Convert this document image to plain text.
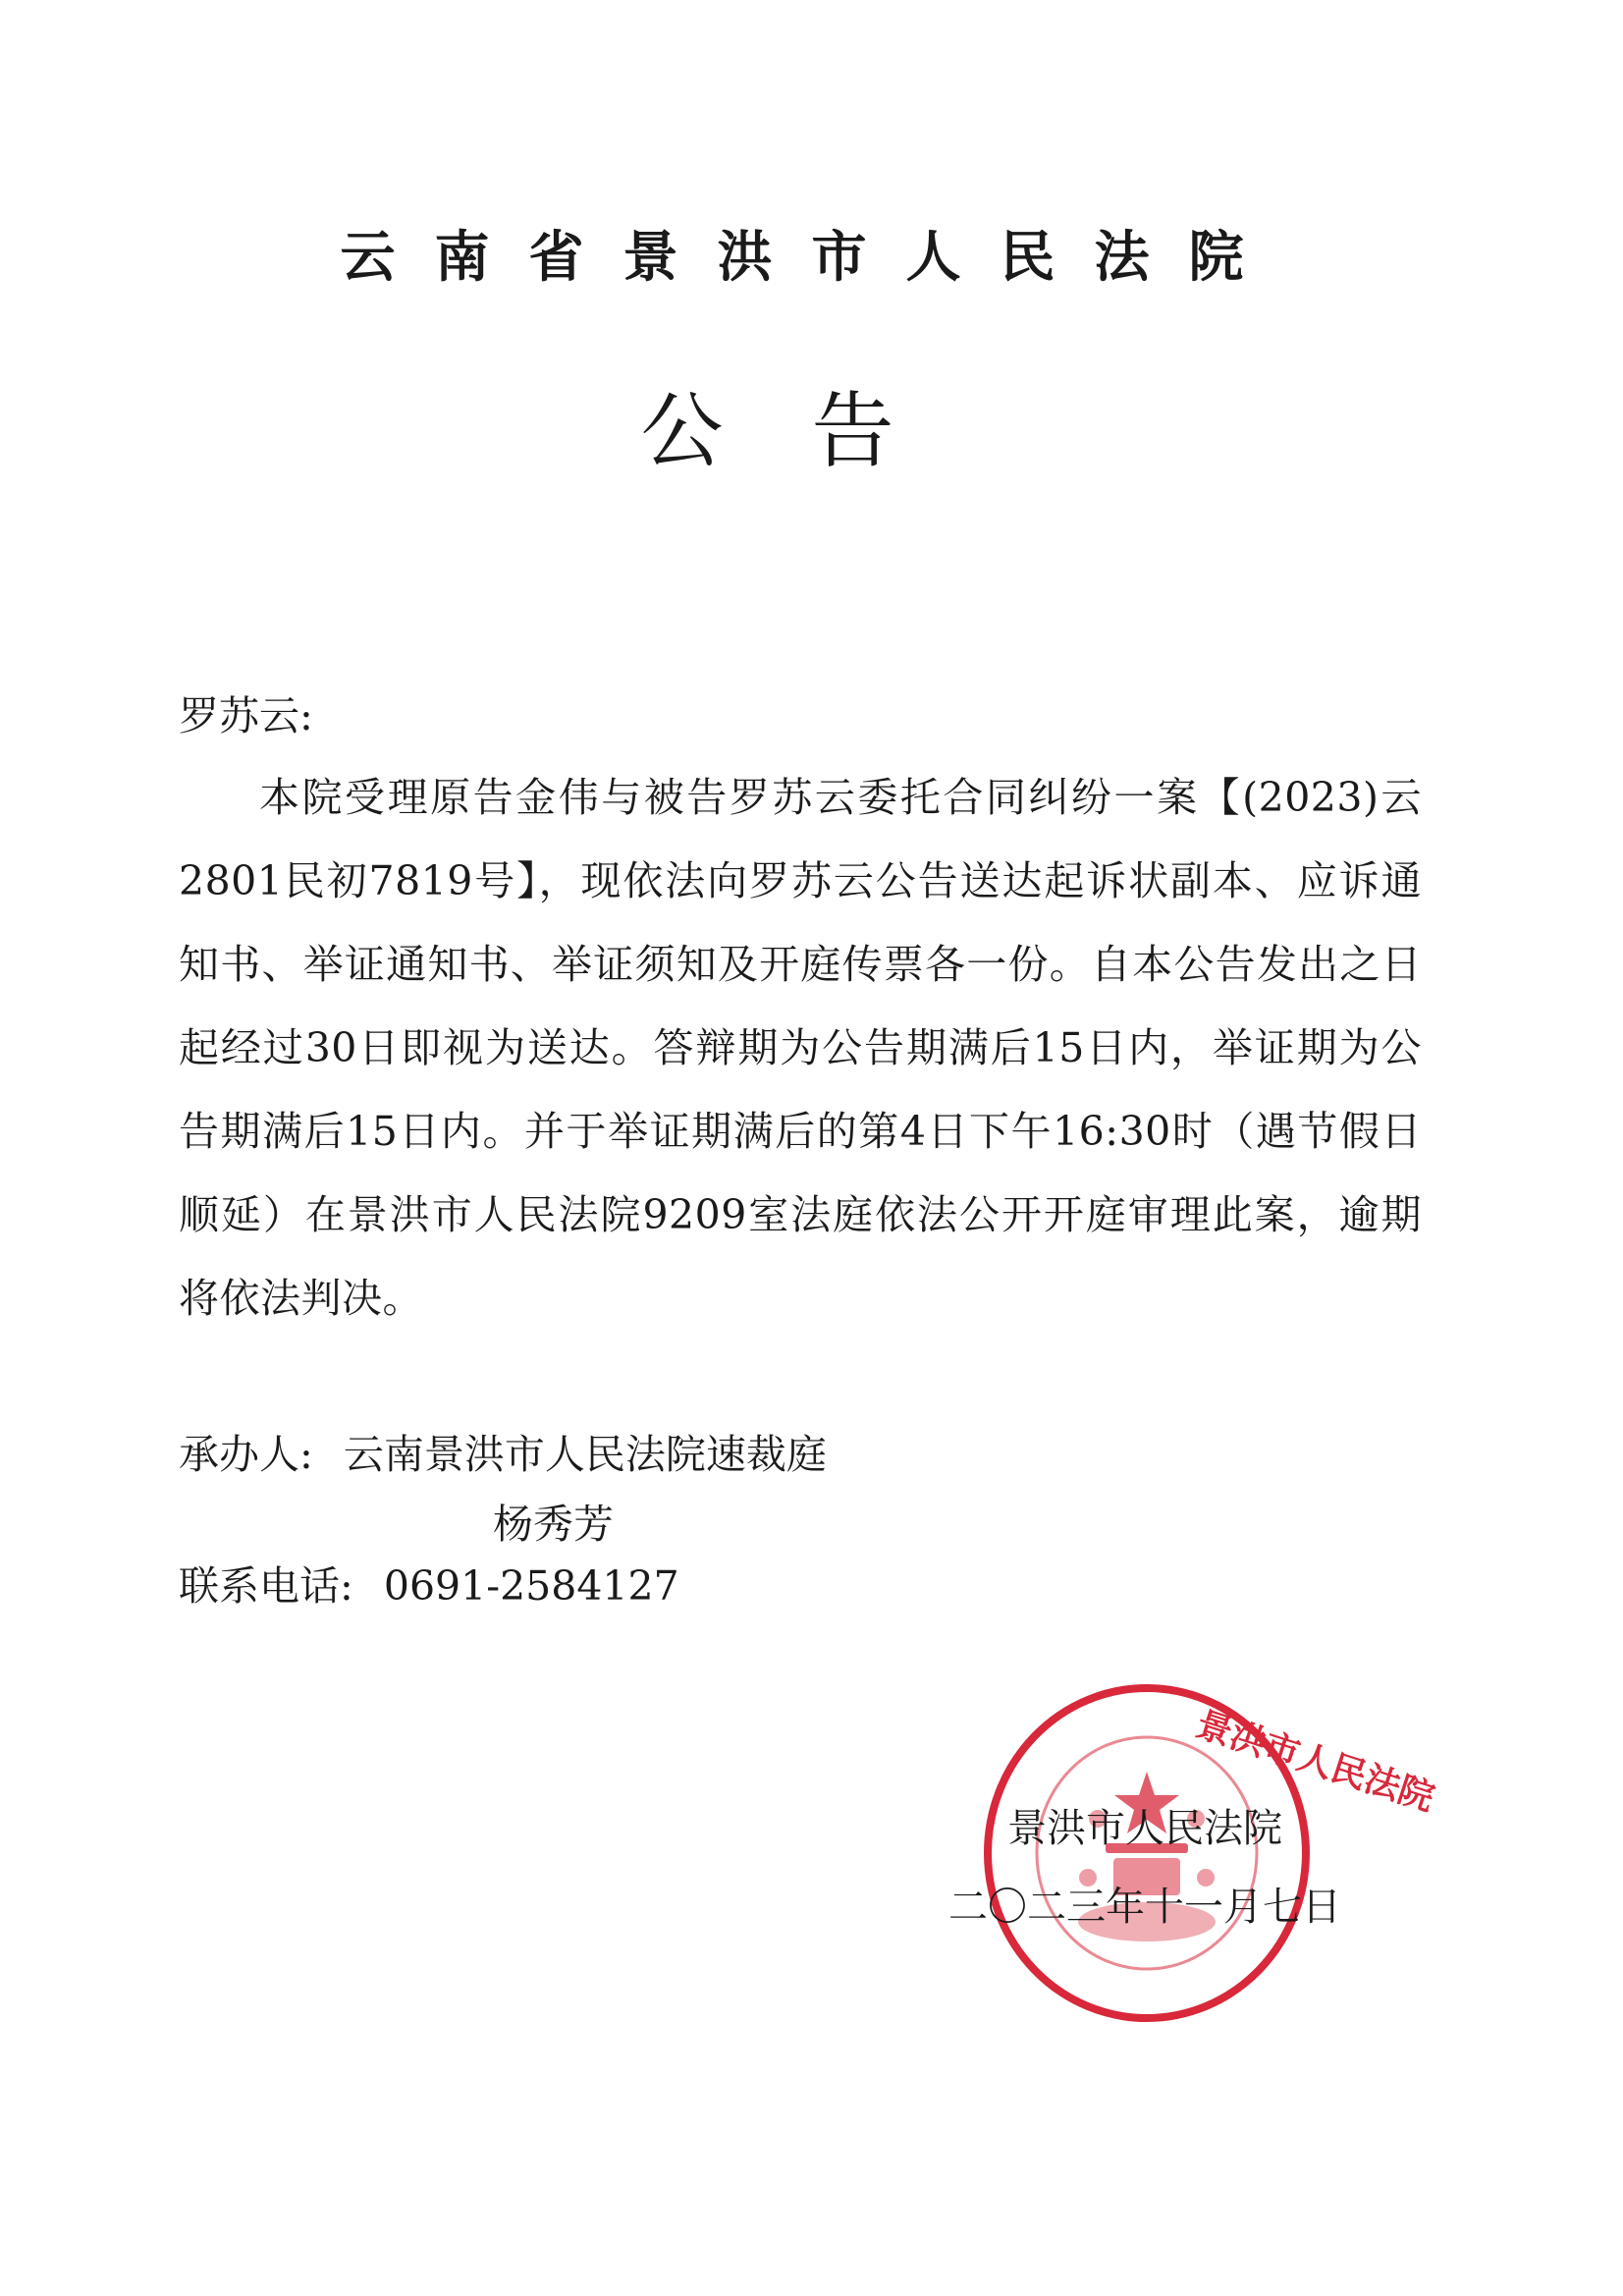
云南省景洪市人民法院
公告
罗苏云:

本院受理原告金伟与被告罗苏云委托合同纠纷一案【(2023)云2801民初7819号】，现依法向罗苏云公告送达起诉状副本、应诉通知书、举证通知书、举证须知及开庭传票各一份。自本公告发出之日起经过30日即视为送达。答辩期为公告期满后15日内，举证期为公告期满后15日内。并于举证期满后的第4日下午16:30时（遇节假日顺延）在景洪市人民法院9209室法庭依法公开开庭审理此案，逾期将依法判决。

承办人: 云南景洪市人民法院速裁庭
杨秀芳
联系电话: 0691-2584127
景洪市人民法院
景洪市人民法院
二〇二三年十一月七日
